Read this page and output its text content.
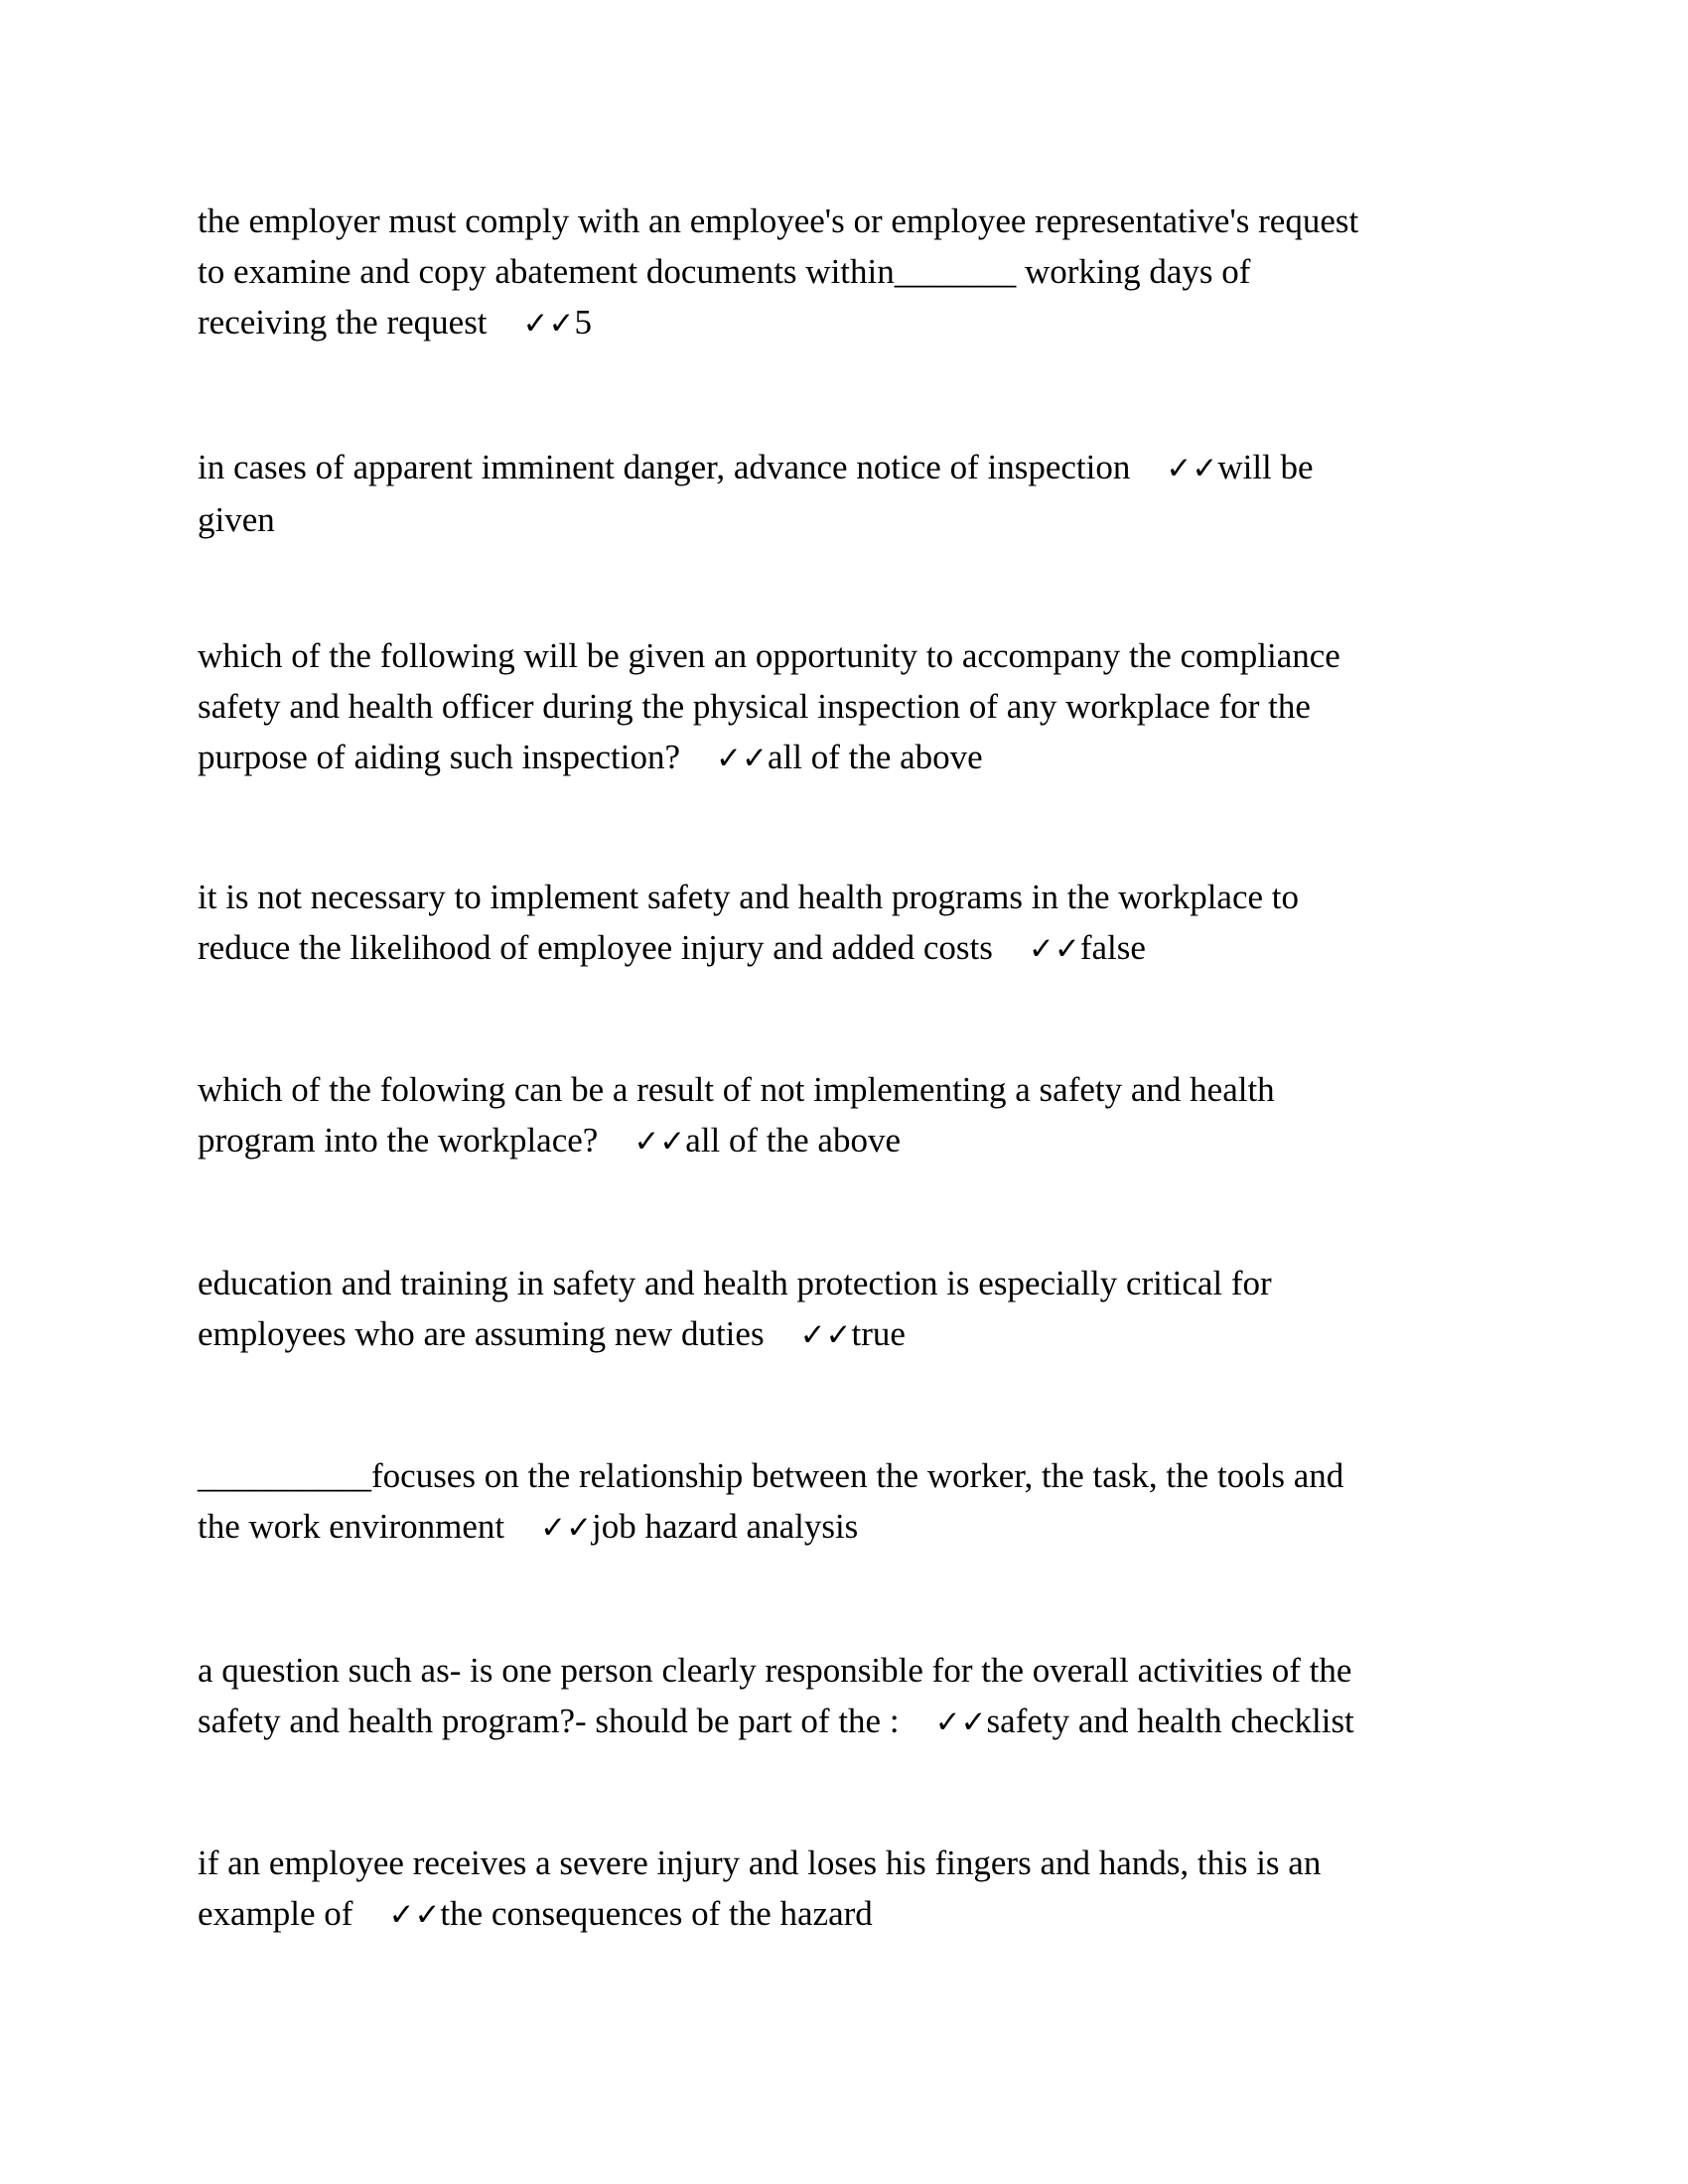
the employer must comply with an employee's or employee representative's request
to examine and copy abatement documents within_______ working days of
receiving the request ✓✓5
in cases of apparent imminent danger, advance notice of inspection ✓✓will be
given
which of the following will be given an opportunity to accompany the compliance
safety and health officer during the physical inspection of any workplace for the
purpose of aiding such inspection? ✓✓all of the above
it is not necessary to implement safety and health programs in the workplace to
reduce the likelihood of employee injury and added costs ✓✓false
which of the folowing can be a result of not implementing a safety and health
program into the workplace? ✓✓all of the above
education and training in safety and health protection is especially critical for
employees who are assuming new duties ✓✓true
__________focuses on the relationship between the worker, the task, the tools and
the work environment ✓✓job hazard analysis
a question such as- is one person clearly responsible for the overall activities of the
safety and health program?- should be part of the : ✓✓safety and health checklist
if an employee receives a severe injury and loses his fingers and hands, this is an
example of ✓✓the consequences of the hazard
